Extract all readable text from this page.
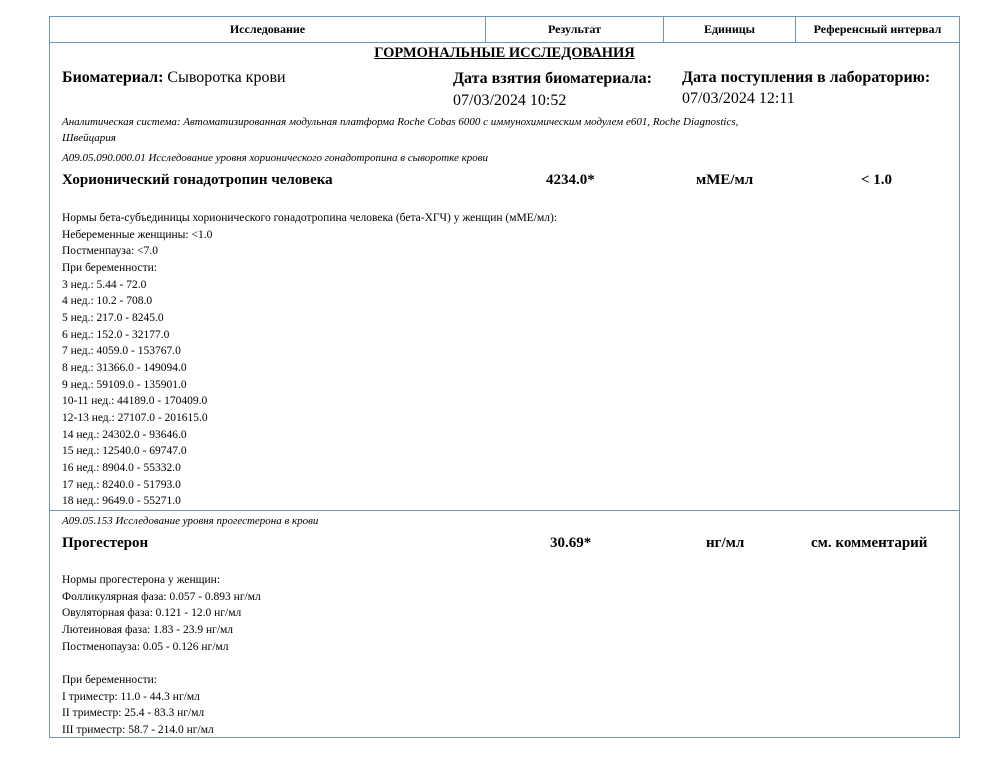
Исследование	Результат	Единицы	Референсный интервал
ГОРМОНАЛЬНЫЕ ИССЛЕДОВАНИЯ
Биоматериал: Сыворотка крови	Дата взятия биоматериала:
07/03/2024 10:52
Дата поступления в лабораторию:
07/03/2024 12:11
Аналитическая система: Автоматизированная модульная платформа Roche Cobas 6000 с иммунохимическим модулем e601, Roche Diagnostics,
Швейцария
А09.05.090.000.01 Исследование уровня хорионического гонадотропина в сыворотке крови
Хорионический гонадотропин человека	4234.0*	мМЕ/мл	< 1.0
Нормы бета-субъединицы хорионического гонадотропина человека (бета-ХГЧ) у женщин (мМЕ/мл):
Небеременные женщины: <1.0
Постменпауза: <7.0
При беременности:
3 нед.: 5.44 - 72.0
4 нед.: 10.2 - 708.0
5 нед.: 217.0 - 8245.0
6 нед.: 152.0 - 32177.0
7 нед.: 4059.0 - 153767.0
8 нед.: 31366.0 - 149094.0
9 нед.: 59109.0 - 135901.0
10-11 нед.: 44189.0 - 170409.0
12-13 нед.: 27107.0 - 201615.0
14 нед.: 24302.0 - 93646.0
15 нед.: 12540.0 - 69747.0
16 нед.: 8904.0 - 55332.0
17 нед.: 8240.0 - 51793.0
18 нед.: 9649.0 - 55271.0
А09.05.153 Исследование уровня прогестерона в крови
Прогестерон	30.69*	нг/мл	см. комментарий
Нормы прогестерона у женщин:
Фолликулярная фаза: 0.057 - 0.893 нг/мл
Овуляторная фаза: 0.121 - 12.0 нг/мл
Лютеиновая фаза: 1.83 - 23.9 нг/мл
Постменопауза: 0.05 - 0.126 нг/мл
При беременности:
I триместр: 11.0 - 44.3 нг/мл
II триместр: 25.4 - 83.3 нг/мл
III триместр: 58.7 - 214.0 нг/мл
